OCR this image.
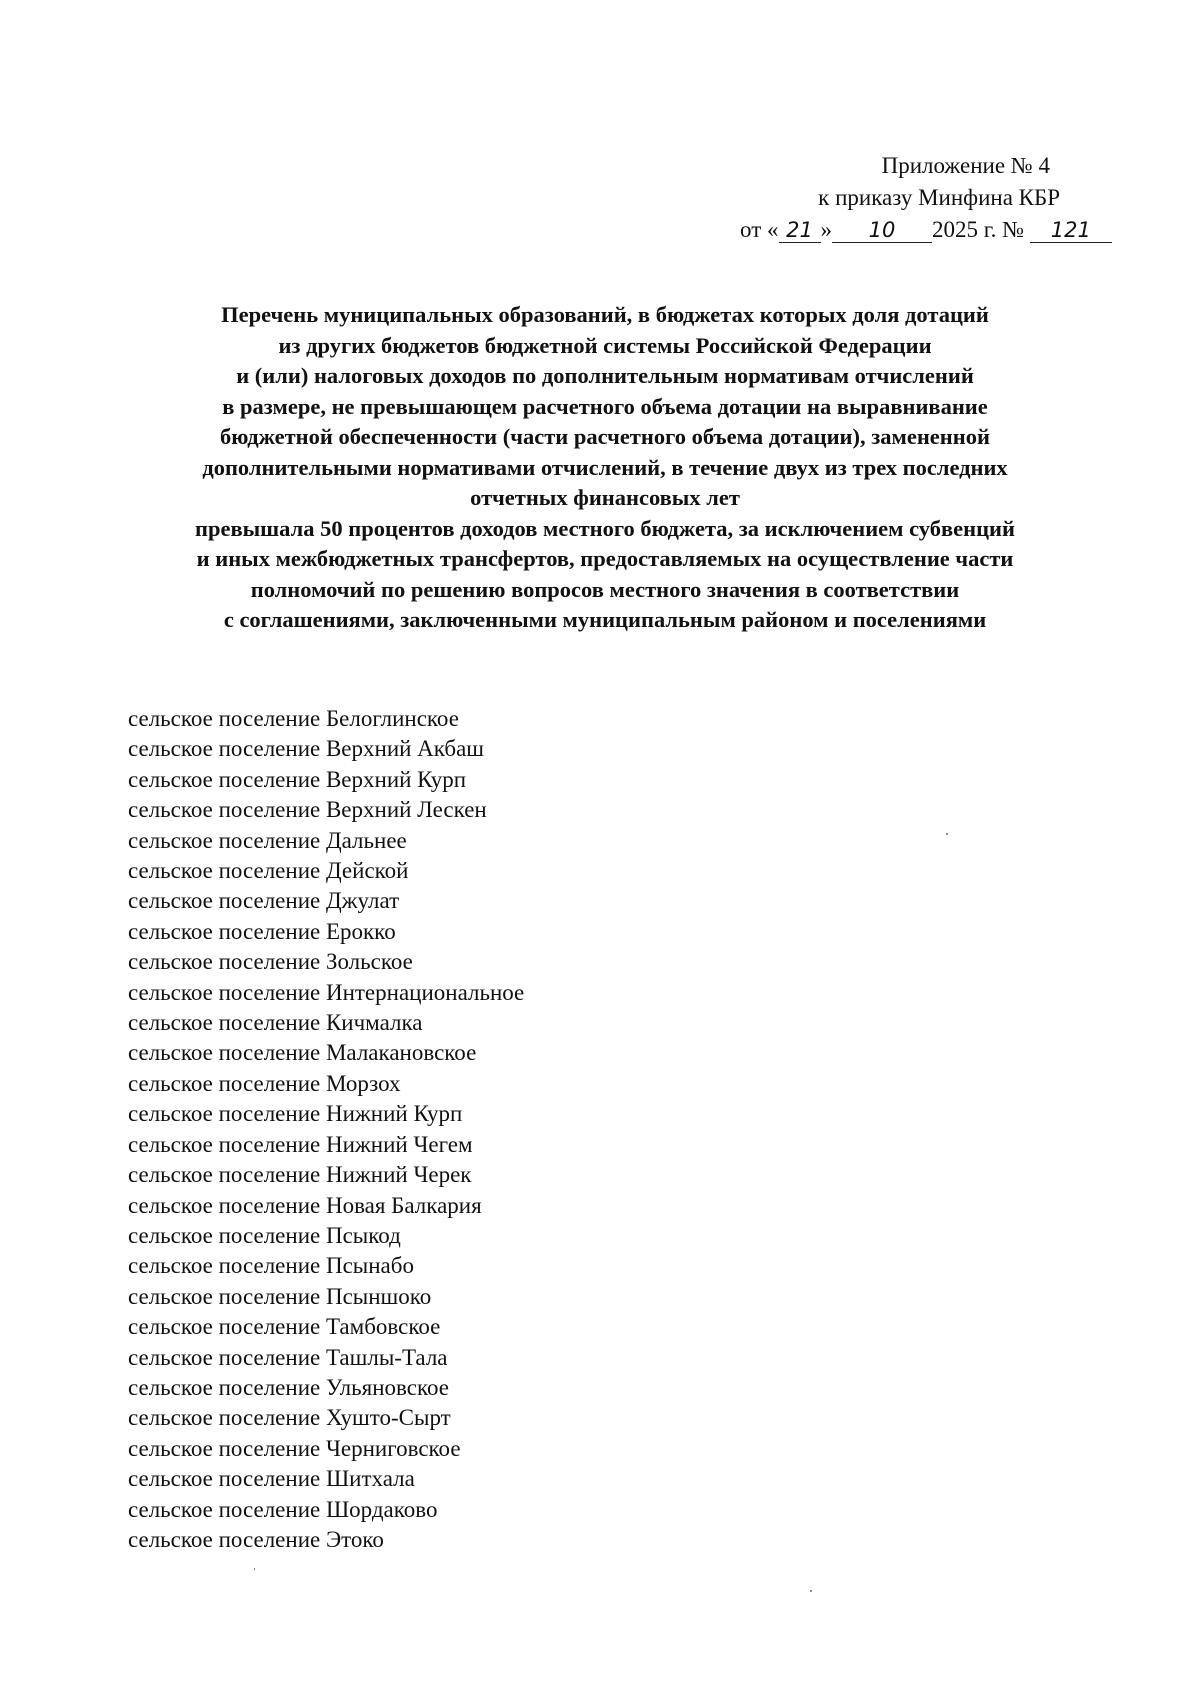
Приложение № 4
к приказу Минфина КБР
от « 21 » 10 2025 г. № 121
Перечень муниципальных образований, в бюджетах которых доля дотаций
из других бюджетов бюджетной системы Российской Федерации
и (или) налоговых доходов по дополнительным нормативам отчислений
в размере, не превышающем расчетного объема дотации на выравнивание
бюджетной обеспеченности (части расчетного объема дотации), замененной
дополнительными нормативами отчислений, в течение двух из трех последних
отчетных финансовых лет
превышала 50 процентов доходов местного бюджета, за исключением субвенций
и иных межбюджетных трансфертов, предоставляемых на осуществление части
полномочий по решению вопросов местного значения в соответствии
с соглашениями, заключенными муниципальным районом и поселениями
сельское поселение Белоглинское
сельское поселение Верхний Акбаш
сельское поселение Верхний Курп
сельское поселение Верхний Лескен
сельское поселение Дальнее
сельское поселение Дейской
сельское поселение Джулат
сельское поселение Ерокко
сельское поселение Зольское
сельское поселение Интернациональное
сельское поселение Кичмалка
сельское поселение Малакановское
сельское поселение Морзох
сельское поселение Нижний Курп
сельское поселение Нижний Чегем
сельское поселение Нижний Черек
сельское поселение Новая Балкария
сельское поселение Псыкод
сельское поселение Псынабо
сельское поселение Псыншоко
сельское поселение Тамбовское
сельское поселение Ташлы-Тала
сельское поселение Ульяновское
сельское поселение Хушто-Сырт
сельское поселение Черниговское
сельское поселение Шитхала
сельское поселение Шордаково
сельское поселение Этоко
